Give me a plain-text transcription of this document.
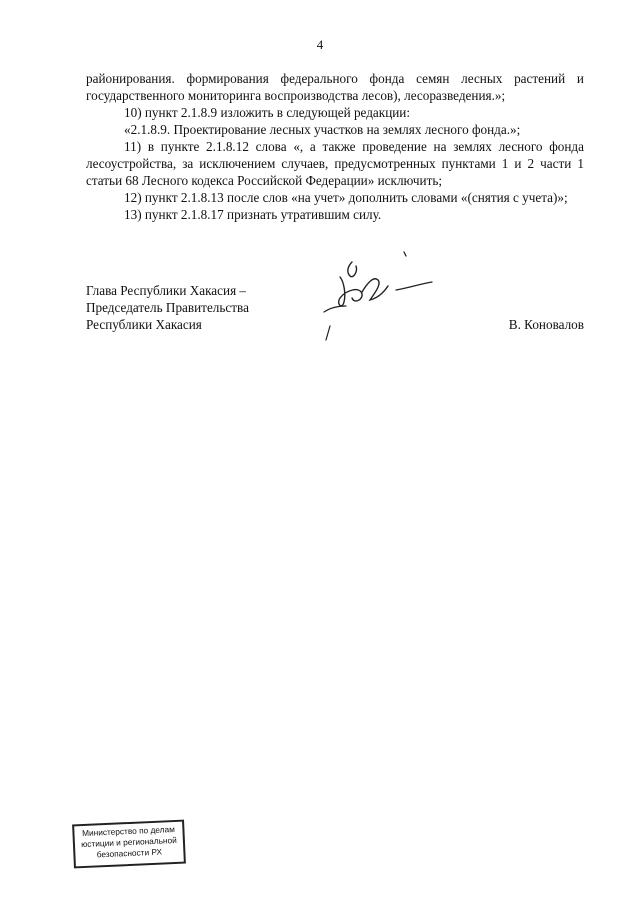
4

районирования. формирования федерального фонда семян лесных растений и государственного мониторинга воспроизводства лесов), лесоразведения.»;

10) пункт 2.1.8.9 изложить в следующей редакции:

«2.1.8.9. Проектирование лесных участков на землях лесного фонда.»;

11) в пункте 2.1.8.12 слова «, а также проведение на землях лесного фонда лесоустройства, за исключением случаев, предусмотренных пунктами 1 и 2 части 1 статьи 68 Лесного кодекса Российской Федерации» исключить;

12) пункт 2.1.8.13 после слов «на учет» дополнить словами «(снятия с учета)»;

13) пункт 2.1.8.17 признать утратившим силу.

Глава Республики Хакасия –
Председатель Правительства
Республики Хакасия	В. Коновалов
Министерство по делам
юстиции и региональной
безопасности РХ
